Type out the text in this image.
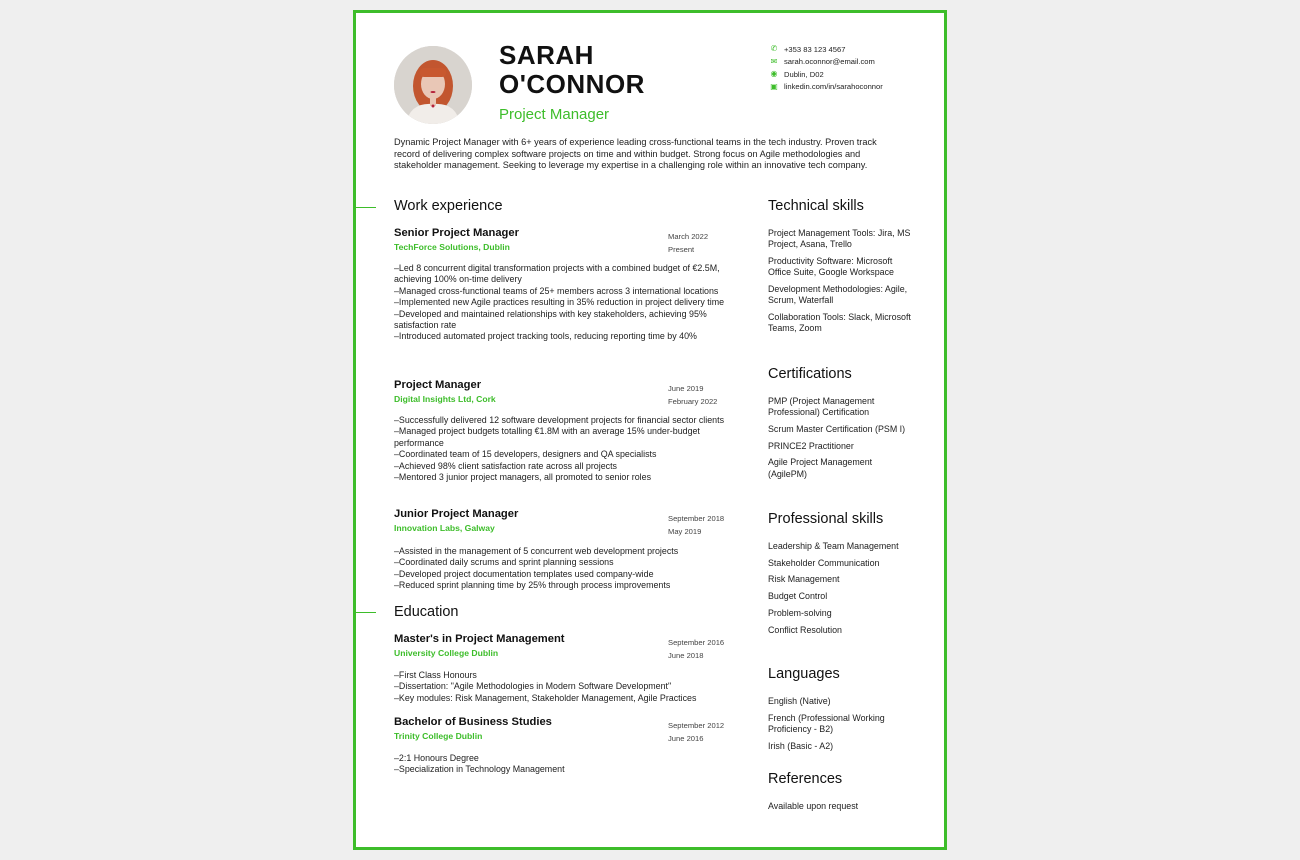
SARAH
O'CONNOR
Project Manager
✆ +353 83 123 4567
✉ sarah.oconnor@email.com
◉ Dublin, D02
▣ linkedin.com/in/sarahoconnor
Dynamic Project Manager with 6+ years of experience leading cross-functional teams in the tech industry. Proven track record of delivering complex software projects on time and within budget. Strong focus on Agile methodologies and stakeholder management. Seeking to leverage my expertise in a challenging role within an innovative tech company.
Work experience
Senior Project Manager
TechForce Solutions, Dublin
March 2022
Present
–Led 8 concurrent digital transformation projects with a combined budget of €2.5M, achieving 100% on-time delivery
–Managed cross-functional teams of 25+ members across 3 international locations
–Implemented new Agile practices resulting in 35% reduction in project delivery time
–Developed and maintained relationships with key stakeholders, achieving 95% satisfaction rate
–Introduced automated project tracking tools, reducing reporting time by 40%
Project Manager
Digital Insights Ltd, Cork
June 2019
February 2022
–Successfully delivered 12 software development projects for financial sector clients
–Managed project budgets totalling €1.8M with an average 15% under-budget performance
–Coordinated team of 15 developers, designers and QA specialists
–Achieved 98% client satisfaction rate across all projects
–Mentored 3 junior project managers, all promoted to senior roles
Junior Project Manager
Innovation Labs, Galway
September 2018
May 2019
–Assisted in the management of 5 concurrent web development projects
–Coordinated daily scrums and sprint planning sessions
–Developed project documentation templates used company-wide
–Reduced sprint planning time by 25% through process improvements
Education
Master's in Project Management
University College Dublin
September 2016
June 2018
–First Class Honours
–Dissertation: "Agile Methodologies in Modern Software Development"
–Key modules: Risk Management, Stakeholder Management, Agile Practices
Bachelor of Business Studies
Trinity College Dublin
September 2012
June 2016
–2:1 Honours Degree
–Specialization in Technology Management
Technical skills
Project Management Tools: Jira, MS Project, Asana, Trello
Productivity Software: Microsoft Office Suite, Google Workspace
Development Methodologies: Agile, Scrum, Waterfall
Collaboration Tools: Slack, Microsoft Teams, Zoom
Certifications
PMP (Project Management Professional) Certification
Scrum Master Certification (PSM I)
PRINCE2 Practitioner
Agile Project Management (AgilePM)
Professional skills
Leadership & Team Management
Stakeholder Communication
Risk Management
Budget Control
Problem-solving
Conflict Resolution
Languages
English (Native)
French (Professional Working Proficiency - B2)
Irish (Basic - A2)
References
Available upon request
